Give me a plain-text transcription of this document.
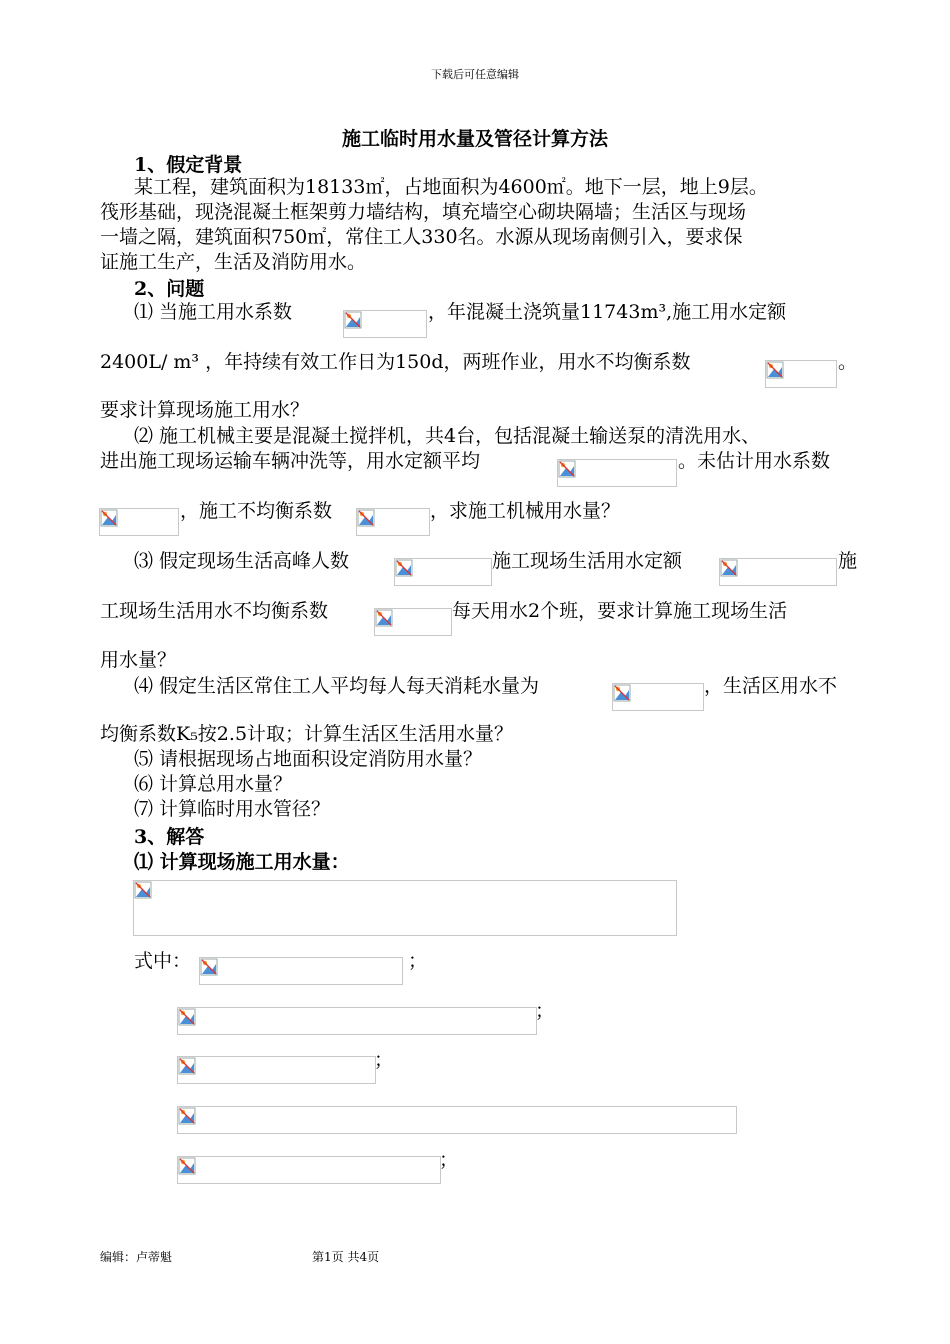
下载后可任意编辑
施工临时用水量及管径计算方法
1、假定背景
某工程，建筑面积为18133㎡，占地面积为4600㎡。地下一层，地上9层。
筏形基础，现浇混凝土框架剪力墙结构，填充墙空心砌块隔墙；生活区与现场
一墙之隔，建筑面积750㎡，常住工人330名。水源从现场南侧引入，要求保
证施工生产，生活及消防用水。
2、问题
⑴ 当施工用水系数	，年混凝土浇筑量11743m³,施工用水定额
2400L/ m³ ，年持续有效工作日为150d，两班作业，用水不均衡系数	。
要求计算现场施工用水？
⑵ 施工机械主要是混凝土搅拌机，共4台，包括混凝土输送泵的清洗用水、
进出施工现场运输车辆冲洗等，用水定额平均	。未估计用水系数
，施工不均衡系数	，求施工机械用水量？
⑶ 假定现场生活高峰人数	施工现场生活用水定额	施
工现场生活用水不均衡系数	每天用水2个班，要求计算施工现场生活
用水量？
⑷ 假定生活区常住工人平均每人每天消耗水量为	，生活区用水不
均衡系数K₅按2.5计取；计算生活区生活用水量？
⑸ 请根据现场占地面积设定消防用水量？
⑹ 计算总用水量？
⑺ 计算临时用水管径？
3、解答
⑴ 计算现场施工用水量：
式中：	；
；
；
；
编辑：卢蒂魁	第1页 共4页
